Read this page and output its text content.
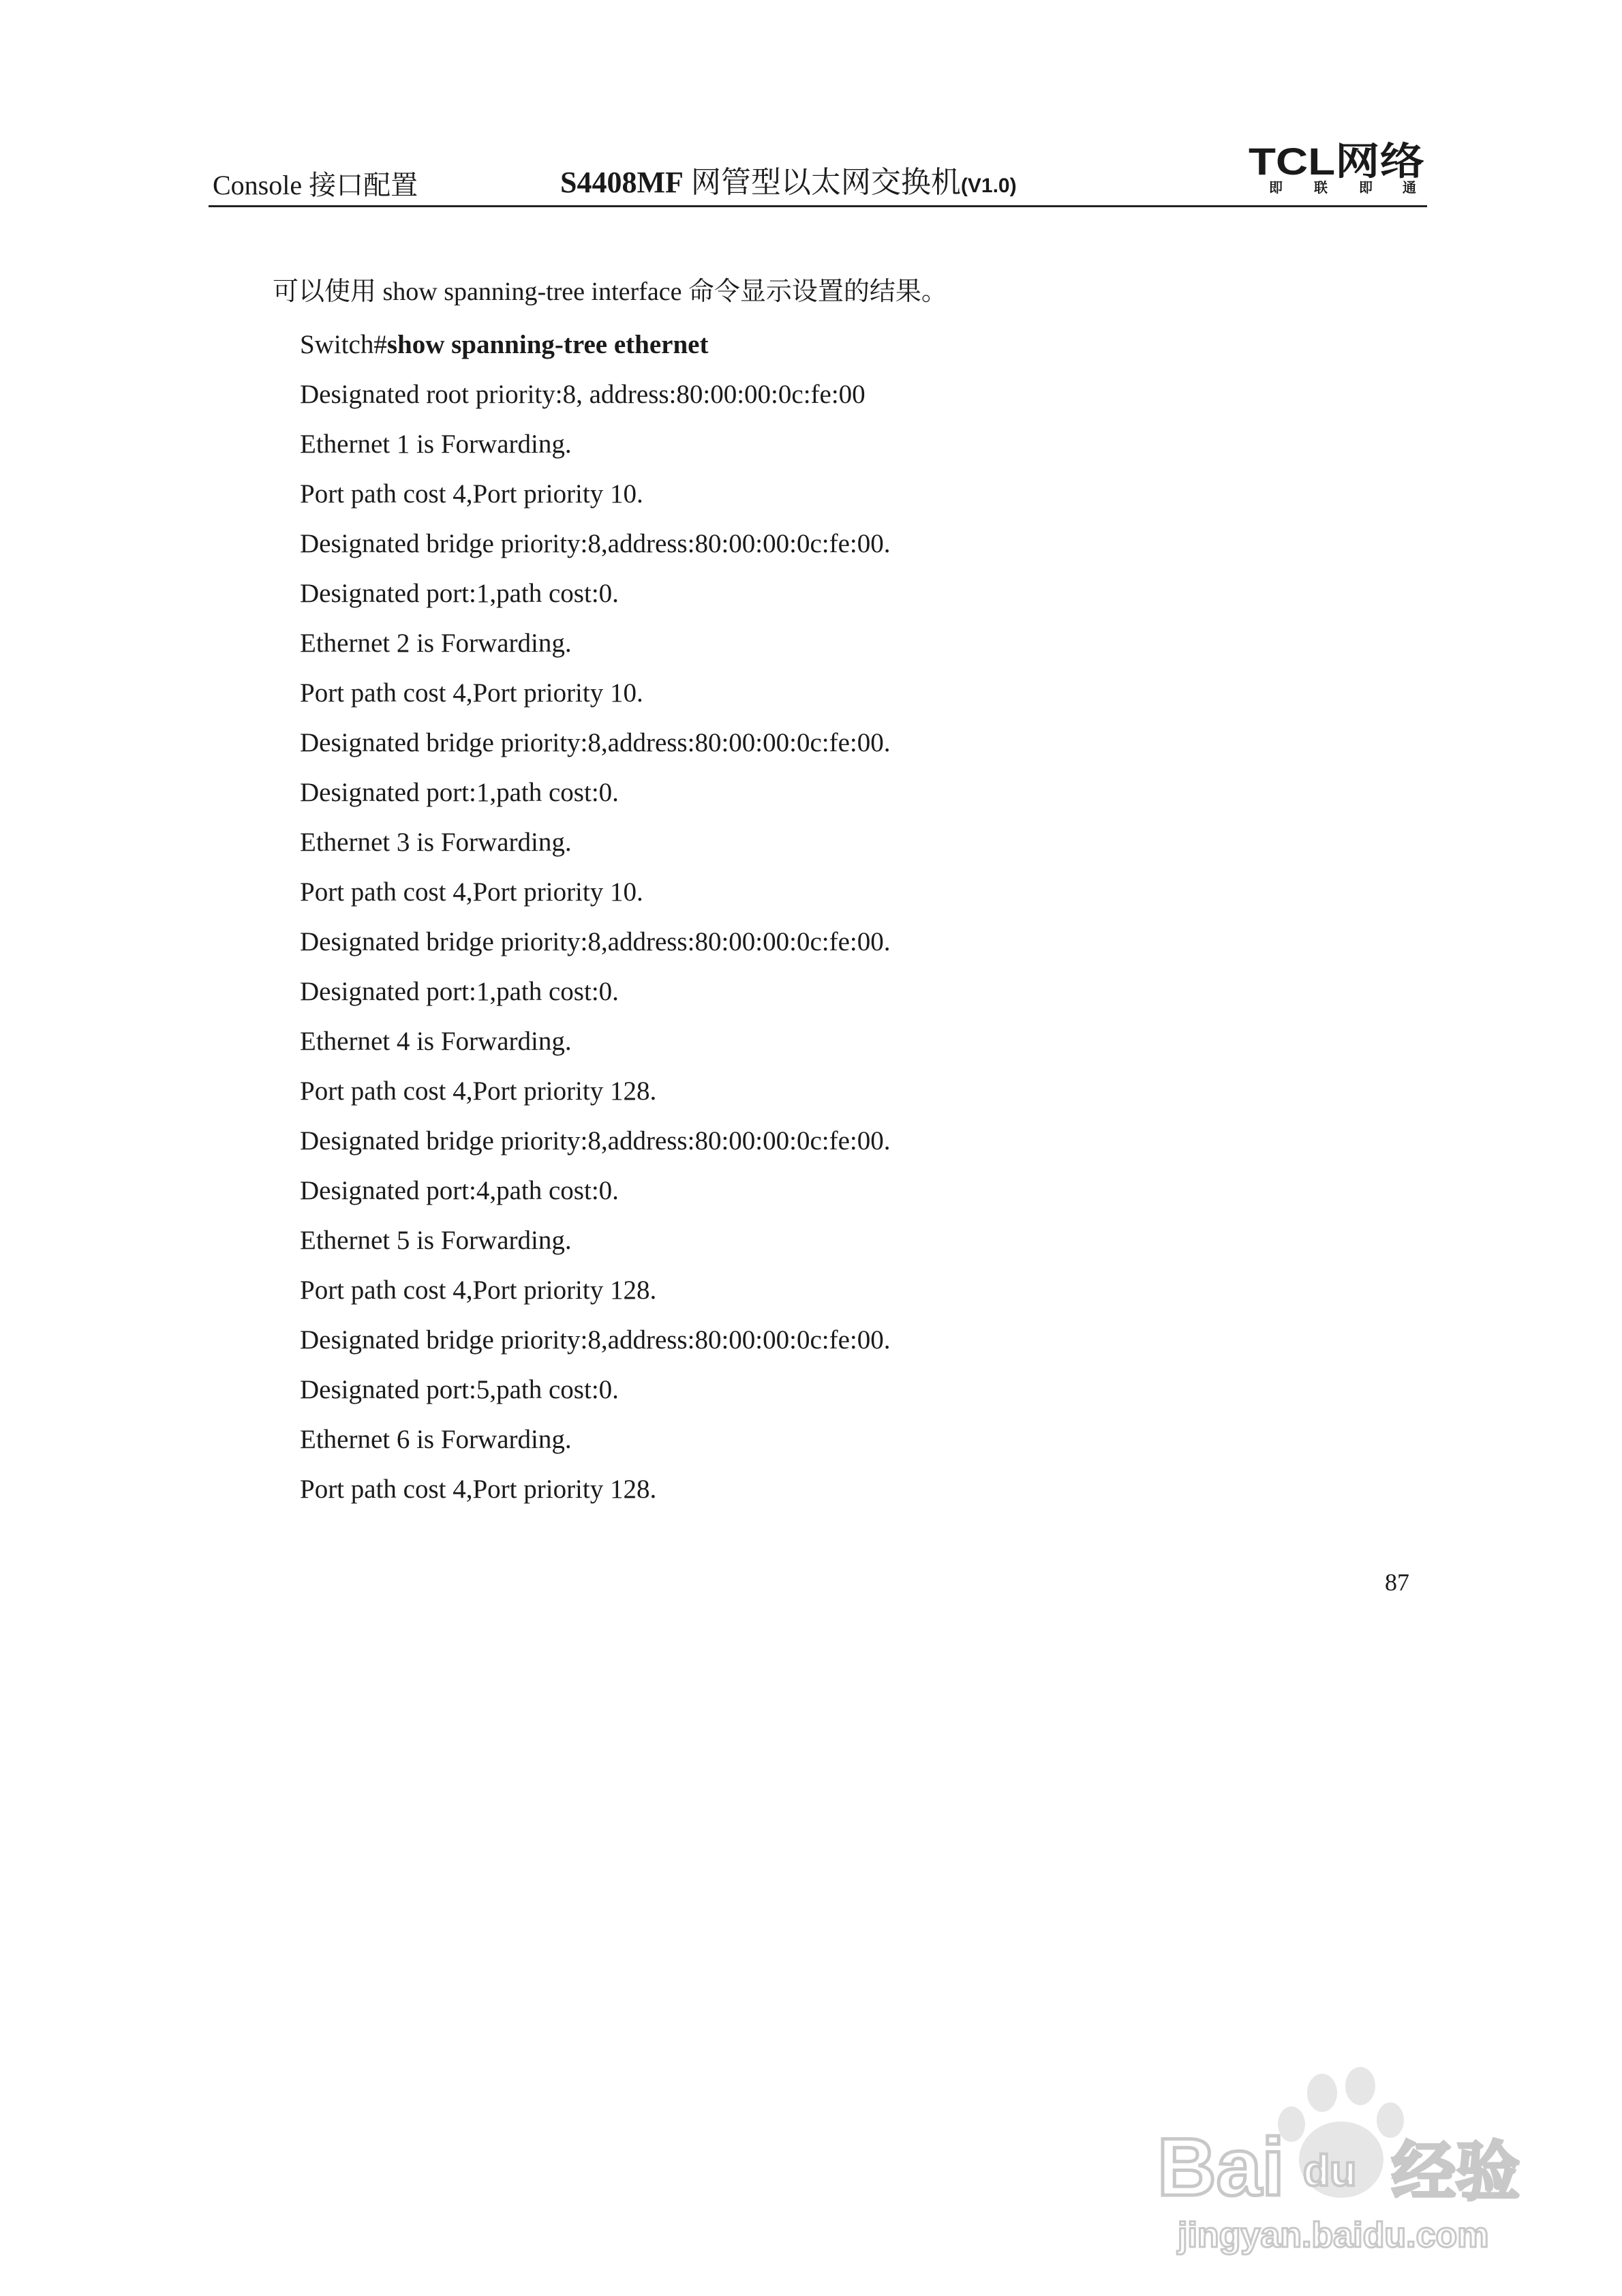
Console 接口配置	S4408MF 网管型以太网交换机(V1.0)
TCL网络
即 联 即 通

可以使用 show spanning-tree interface 命令显示设置的结果。

Switch#show spanning-tree ethernet
Designated root priority:8, address:80:00:00:0c:fe:00
Ethernet 1 is Forwarding.
Port path cost 4,Port priority 10.
Designated bridge priority:8,address:80:00:00:0c:fe:00.
Designated port:1,path cost:0.
Ethernet 2 is Forwarding.
Port path cost 4,Port priority 10.
Designated bridge priority:8,address:80:00:00:0c:fe:00.
Designated port:1,path cost:0.
Ethernet 3 is Forwarding.
Port path cost 4,Port priority 10.
Designated bridge priority:8,address:80:00:00:0c:fe:00.
Designated port:1,path cost:0.
Ethernet 4 is Forwarding.
Port path cost 4,Port priority 128.
Designated bridge priority:8,address:80:00:00:0c:fe:00.
Designated port:4,path cost:0.
Ethernet 5 is Forwarding.
Port path cost 4,Port priority 128.
Designated bridge priority:8,address:80:00:00:0c:fe:00.
Designated port:5,path cost:0.
Ethernet 6 is Forwarding.
Port path cost 4,Port priority 128.
87
Bai du 经验
jingyan.baidu.com
